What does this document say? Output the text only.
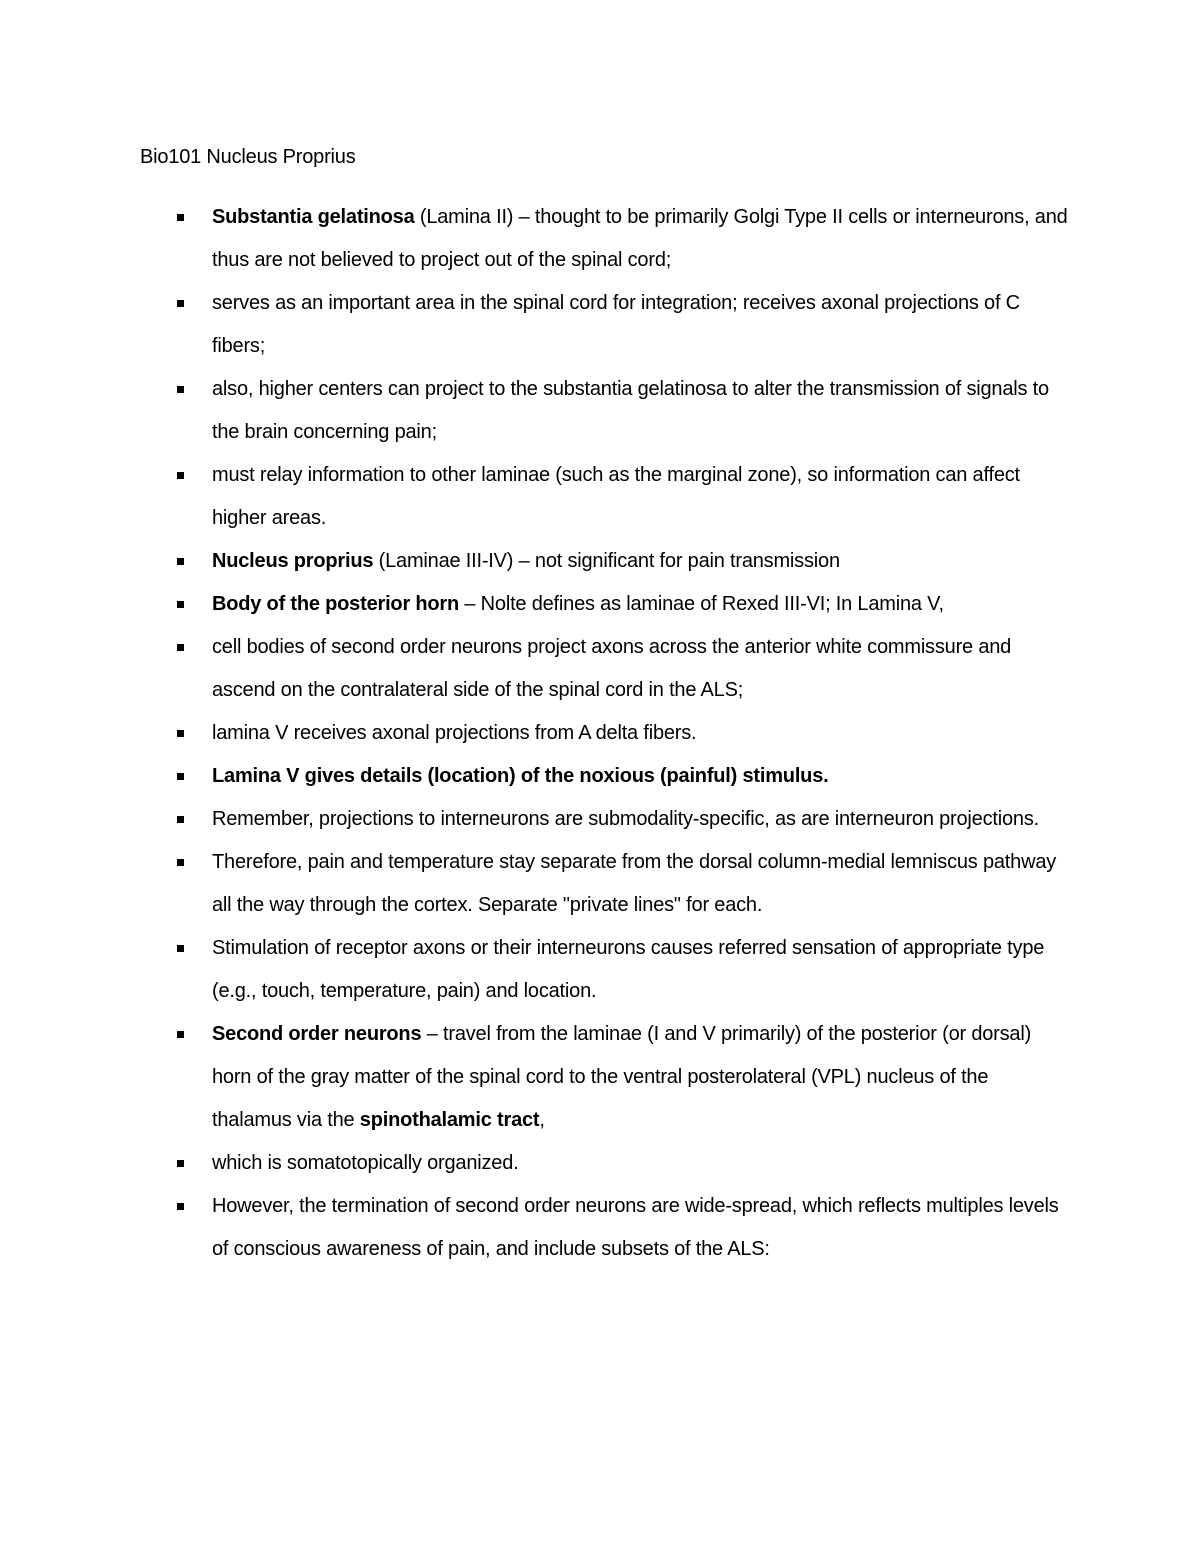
Bio101 Nucleus Proprius
Substantia gelatinosa (Lamina II) – thought to be primarily Golgi Type II cells or interneurons, and thus are not believed to project out of the spinal cord;
serves as an important area in the spinal cord for integration; receives axonal projections of C fibers;
also, higher centers can project to the substantia gelatinosa to alter the transmission of signals to the brain concerning pain;
must relay information to other laminae (such as the marginal zone), so information can affect higher areas.
Nucleus proprius (Laminae III-IV) – not significant for pain transmission
Body of the posterior horn – Nolte defines as laminae of Rexed III-VI; In Lamina V,
cell bodies of second order neurons project axons across the anterior white commissure and ascend on the contralateral side of the spinal cord in the ALS;
lamina V receives axonal projections from A delta fibers.
Lamina V gives details (location) of the noxious (painful) stimulus.
Remember, projections to interneurons are submodality-specific, as are interneuron projections.
Therefore, pain and temperature stay separate from the dorsal column-medial lemniscus pathway all the way through the cortex. Separate "private lines" for each.
Stimulation of receptor axons or their interneurons causes referred sensation of appropriate type (e.g., touch, temperature, pain) and location.
Second order neurons – travel from the laminae (I and V primarily) of the posterior (or dorsal) horn of the gray matter of the spinal cord to the ventral posterolateral (VPL) nucleus of the thalamus via the spinothalamic tract,
which is somatotopically organized.
However, the termination of second order neurons are wide-spread, which reflects multiples levels of conscious awareness of pain, and include subsets of the ALS:
